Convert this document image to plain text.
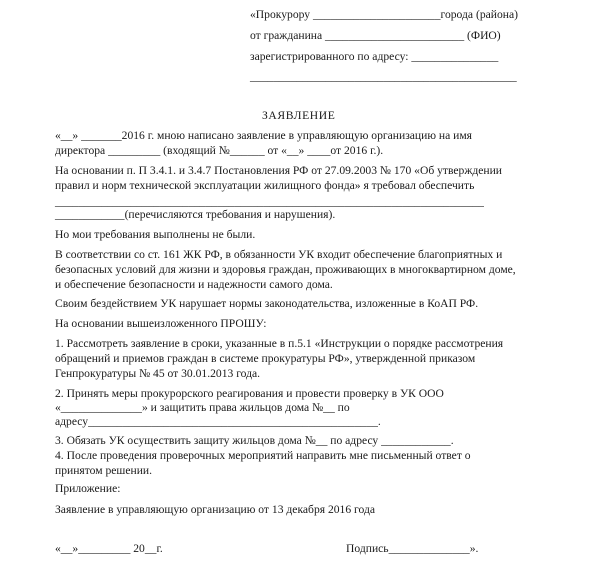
«Прокурору ______________________города (района)
от гражданина ________________________ (ФИО)
зарегистрированного по адресу: _______________
______________________________________________
ЗАЯВЛЕНИЕ
«__» _______2016 г. мною написано заявление в управляющую организацию на имя
директора _________ (входящий №______ от «__» ____от 2016 г.).
На основании п. П 3.4.1. и 3.4.7 Постановления РФ от 27.09.2003 № 170 «Об утверждении
правил и норм технической эксплуатации жилищного фонда» я требовал обеспечить
__________________________________________________________________________
____________(перечисляются требования и нарушения).
Но мои требования выполнены не были.
В соответствии со ст. 161 ЖК РФ, в обязанности УК входит обеспечение благоприятных и
безопасных условий для жизни и здоровья граждан, проживающих в многоквартирном доме,
и обеспечение безопасности и надежности самого дома.
Своим бездействием УК нарушает нормы законодательства, изложенные в КоАП РФ.
На основании вышеизложенного ПРОШУ:
1. Рассмотреть заявление в сроки, указанные в п.5.1 «Инструкции о порядке рассмотрения
обращений и приемов граждан в системе прокуратуры РФ», утвержденной приказом
Генпрокуратуры № 45 от 30.01.2013 года.
2. Принять меры прокурорского реагирования и провести проверку в УК ООО
«______________» и защитить права жильцов дома №__ по
адресу__________________________________________________.
3. Обязать УК осуществить защиту жильцов дома №__ по адресу ____________.
4. После проведения проверочных мероприятий направить мне письменный ответ о
принятом решении.
Приложение:
Заявление в управляющую организацию от 13 декабря 2016 года
«__»_________ 20__г.	Подпись______________».
